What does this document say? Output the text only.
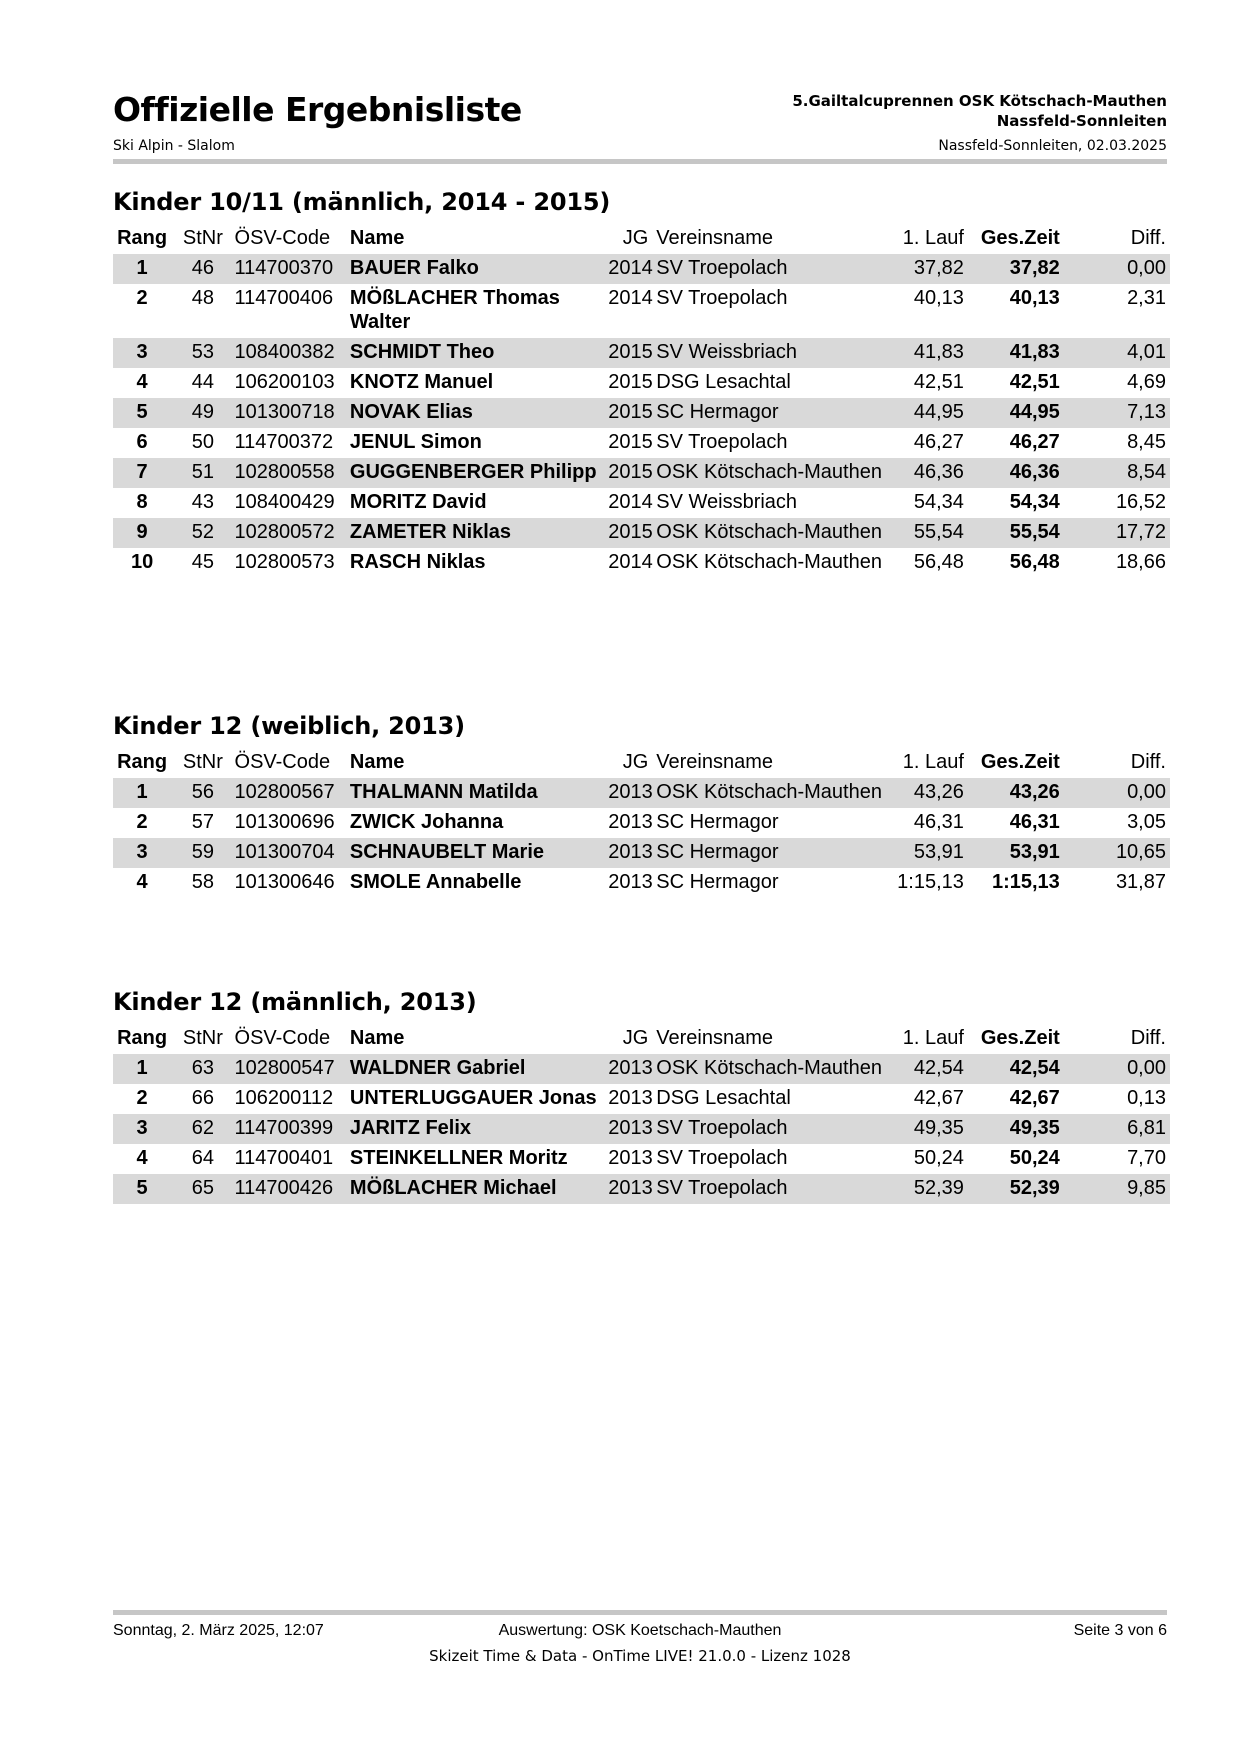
Offizielle Ergebnisliste
Ski Alpin - Slalom
5.Gailtalcuprennen OSK Kötschach-Mauthen
Nassfeld-Sonnleiten
Nassfeld-Sonnleiten, 02.03.2025
Kinder 10/11 (männlich, 2014 - 2015)
Rang	StNr	ÖSV-Code	Name	JG	Vereinsname	1. Lauf	Ges.Zeit	Diff.
1	46	114700370	BAUER Falko	2014	SV Troepolach	37,82	37,82	0,00
2	48	114700406	MÖßLACHER Thomas Walter	2014	SV Troepolach	40,13	40,13	2,31
3	53	108400382	SCHMIDT Theo	2015	SV Weissbriach	41,83	41,83	4,01
4	44	106200103	KNOTZ Manuel	2015	DSG Lesachtal	42,51	42,51	4,69
5	49	101300718	NOVAK Elias	2015	SC Hermagor	44,95	44,95	7,13
6	50	114700372	JENUL Simon	2015	SV Troepolach	46,27	46,27	8,45
7	51	102800558	GUGGENBERGER Philipp	2015	OSK Kötschach-Mauthen	46,36	46,36	8,54
8	43	108400429	MORITZ David	2014	SV Weissbriach	54,34	54,34	16,52
9	52	102800572	ZAMETER Niklas	2015	OSK Kötschach-Mauthen	55,54	55,54	17,72
10	45	102800573	RASCH Niklas	2014	OSK Kötschach-Mauthen	56,48	56,48	18,66
Kinder 12 (weiblich, 2013)
Rang	StNr	ÖSV-Code	Name	JG	Vereinsname	1. Lauf	Ges.Zeit	Diff.
1	56	102800567	THALMANN Matilda	2013	OSK Kötschach-Mauthen	43,26	43,26	0,00
2	57	101300696	ZWICK Johanna	2013	SC Hermagor	46,31	46,31	3,05
3	59	101300704	SCHNAUBELT Marie	2013	SC Hermagor	53,91	53,91	10,65
4	58	101300646	SMOLE Annabelle	2013	SC Hermagor	1:15,13	1:15,13	31,87
Kinder 12 (männlich, 2013)
Rang	StNr	ÖSV-Code	Name	JG	Vereinsname	1. Lauf	Ges.Zeit	Diff.
1	63	102800547	WALDNER Gabriel	2013	OSK Kötschach-Mauthen	42,54	42,54	0,00
2	66	106200112	UNTERLUGGAUER Jonas	2013	DSG Lesachtal	42,67	42,67	0,13
3	62	114700399	JARITZ Felix	2013	SV Troepolach	49,35	49,35	6,81
4	64	114700401	STEINKELLNER Moritz	2013	SV Troepolach	50,24	50,24	7,70
5	65	114700426	MÖßLACHER Michael	2013	SV Troepolach	52,39	52,39	9,85
Sonntag, 2. März 2025, 12:07	Auswertung: OSK Koetschach-Mauthen	Seite 3 von 6
Skizeit Time & Data - OnTime LIVE! 21.0.0 - Lizenz 1028
